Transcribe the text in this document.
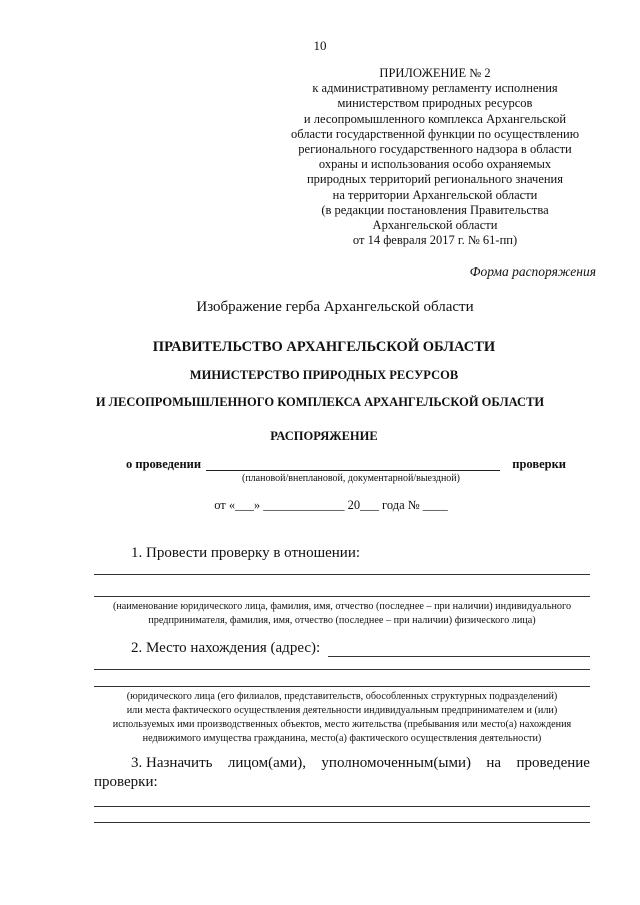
10
ПРИЛОЖЕНИЕ № 2
к административному регламенту исполнения
министерством природных ресурсов
и лесопромышленного комплекса Архангельской
области государственной функции по осуществлению
регионального государственного надзора в области
охраны и использования особо охраняемых
природных территорий регионального значения
на территории Архангельской области
(в редакции постановления Правительства
Архангельской области
от 14 февраля 2017 г. № 61-пп)
Форма распоряжения
Изображение герба Архангельской области
ПРАВИТЕЛЬСТВО АРХАНГЕЛЬСКОЙ ОБЛАСТИ
МИНИСТЕРСТВО ПРИРОДНЫХ РЕСУРСОВ
И ЛЕСОПРОМЫШЛЕННОГО КОМПЛЕКСА АРХАНГЕЛЬСКОЙ ОБЛАСТИ
РАСПОРЯЖЕНИЕ
о проведении	проверки
(плановой/внеплановой, документарной/выездной)
от «___» _____________ 20___ года № ____
1. Провести проверку в отношении:
(наименование юридического лица, фамилия, имя, отчество (последнее – при наличии) индивидуального
предпринимателя, фамилия, имя, отчество (последнее – при наличии) физического лица)
2. Место нахождения (адрес):
(юридического лица (его филиалов, представительств, обособленных структурных подразделений)
или места фактического осуществления деятельности индивидуальным предпринимателем и (или)
используемых ими производственных объектов, место жительства (пребывания или место(а) нахождения
недвижимого имущества гражданина, место(а) фактического осуществления деятельности)
3. Назначить лицом(ами), уполномоченным(ыми) на проведение
проверки:
